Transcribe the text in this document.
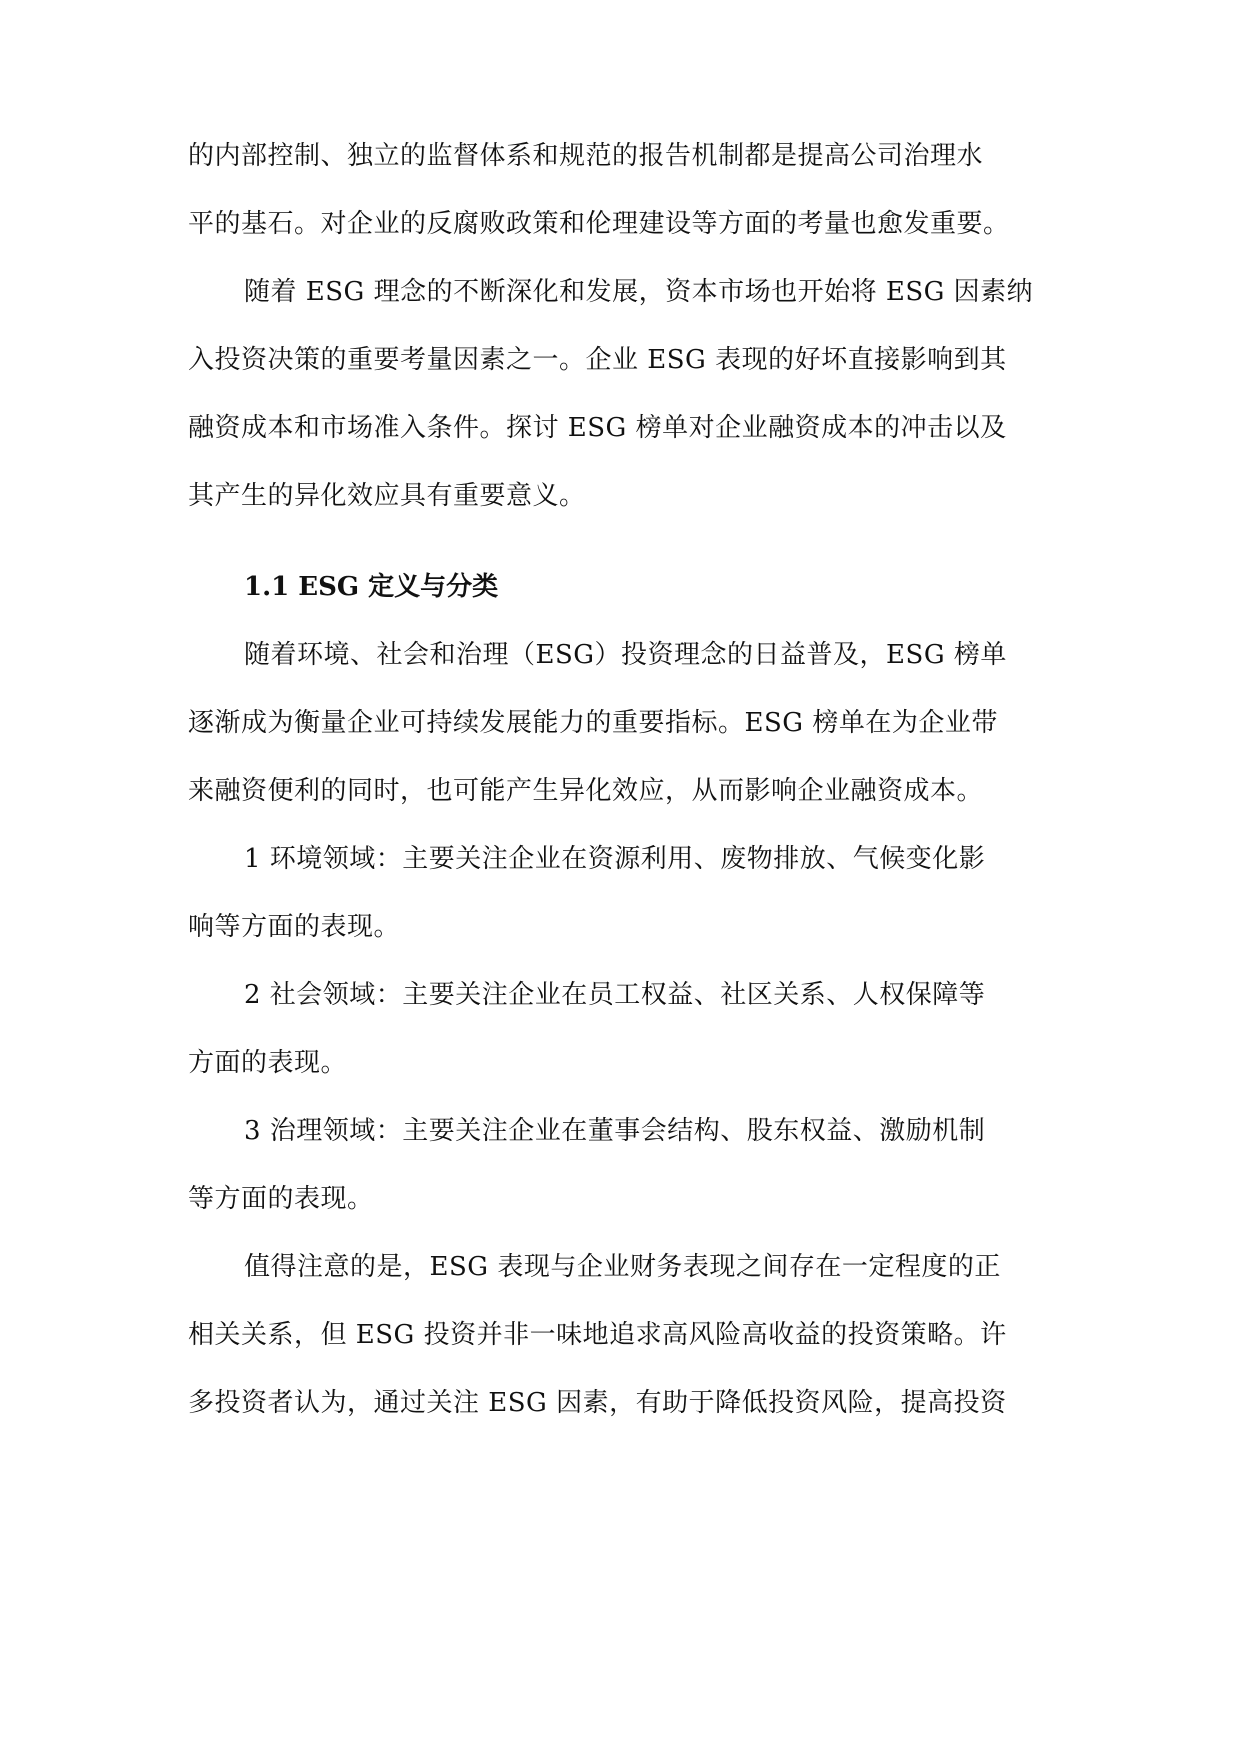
的内部控制、独立的监督体系和规范的报告机制都是提高公司治理水
平的基石。对企业的反腐败政策和伦理建设等方面的考量也愈发重要。
随着 ESG 理念的不断深化和发展，资本市场也开始将 ESG 因素纳
入投资决策的重要考量因素之一。企业 ESG 表现的好坏直接影响到其
融资成本和市场准入条件。探讨 ESG 榜单对企业融资成本的冲击以及
其产生的异化效应具有重要意义。
1.1 ESG 定义与分类
随着环境、社会和治理（ESG）投资理念的日益普及，ESG 榜单
逐渐成为衡量企业可持续发展能力的重要指标。ESG 榜单在为企业带
来融资便利的同时，也可能产生异化效应，从而影响企业融资成本。
1 环境领域：主要关注企业在资源利用、废物排放、气候变化影
响等方面的表现。
2 社会领域：主要关注企业在员工权益、社区关系、人权保障等
方面的表现。
3 治理领域：主要关注企业在董事会结构、股东权益、激励机制
等方面的表现。
值得注意的是，ESG 表现与企业财务表现之间存在一定程度的正
相关关系，但 ESG 投资并非一味地追求高风险高收益的投资策略。许
多投资者认为，通过关注 ESG 因素，有助于降低投资风险，提高投资
